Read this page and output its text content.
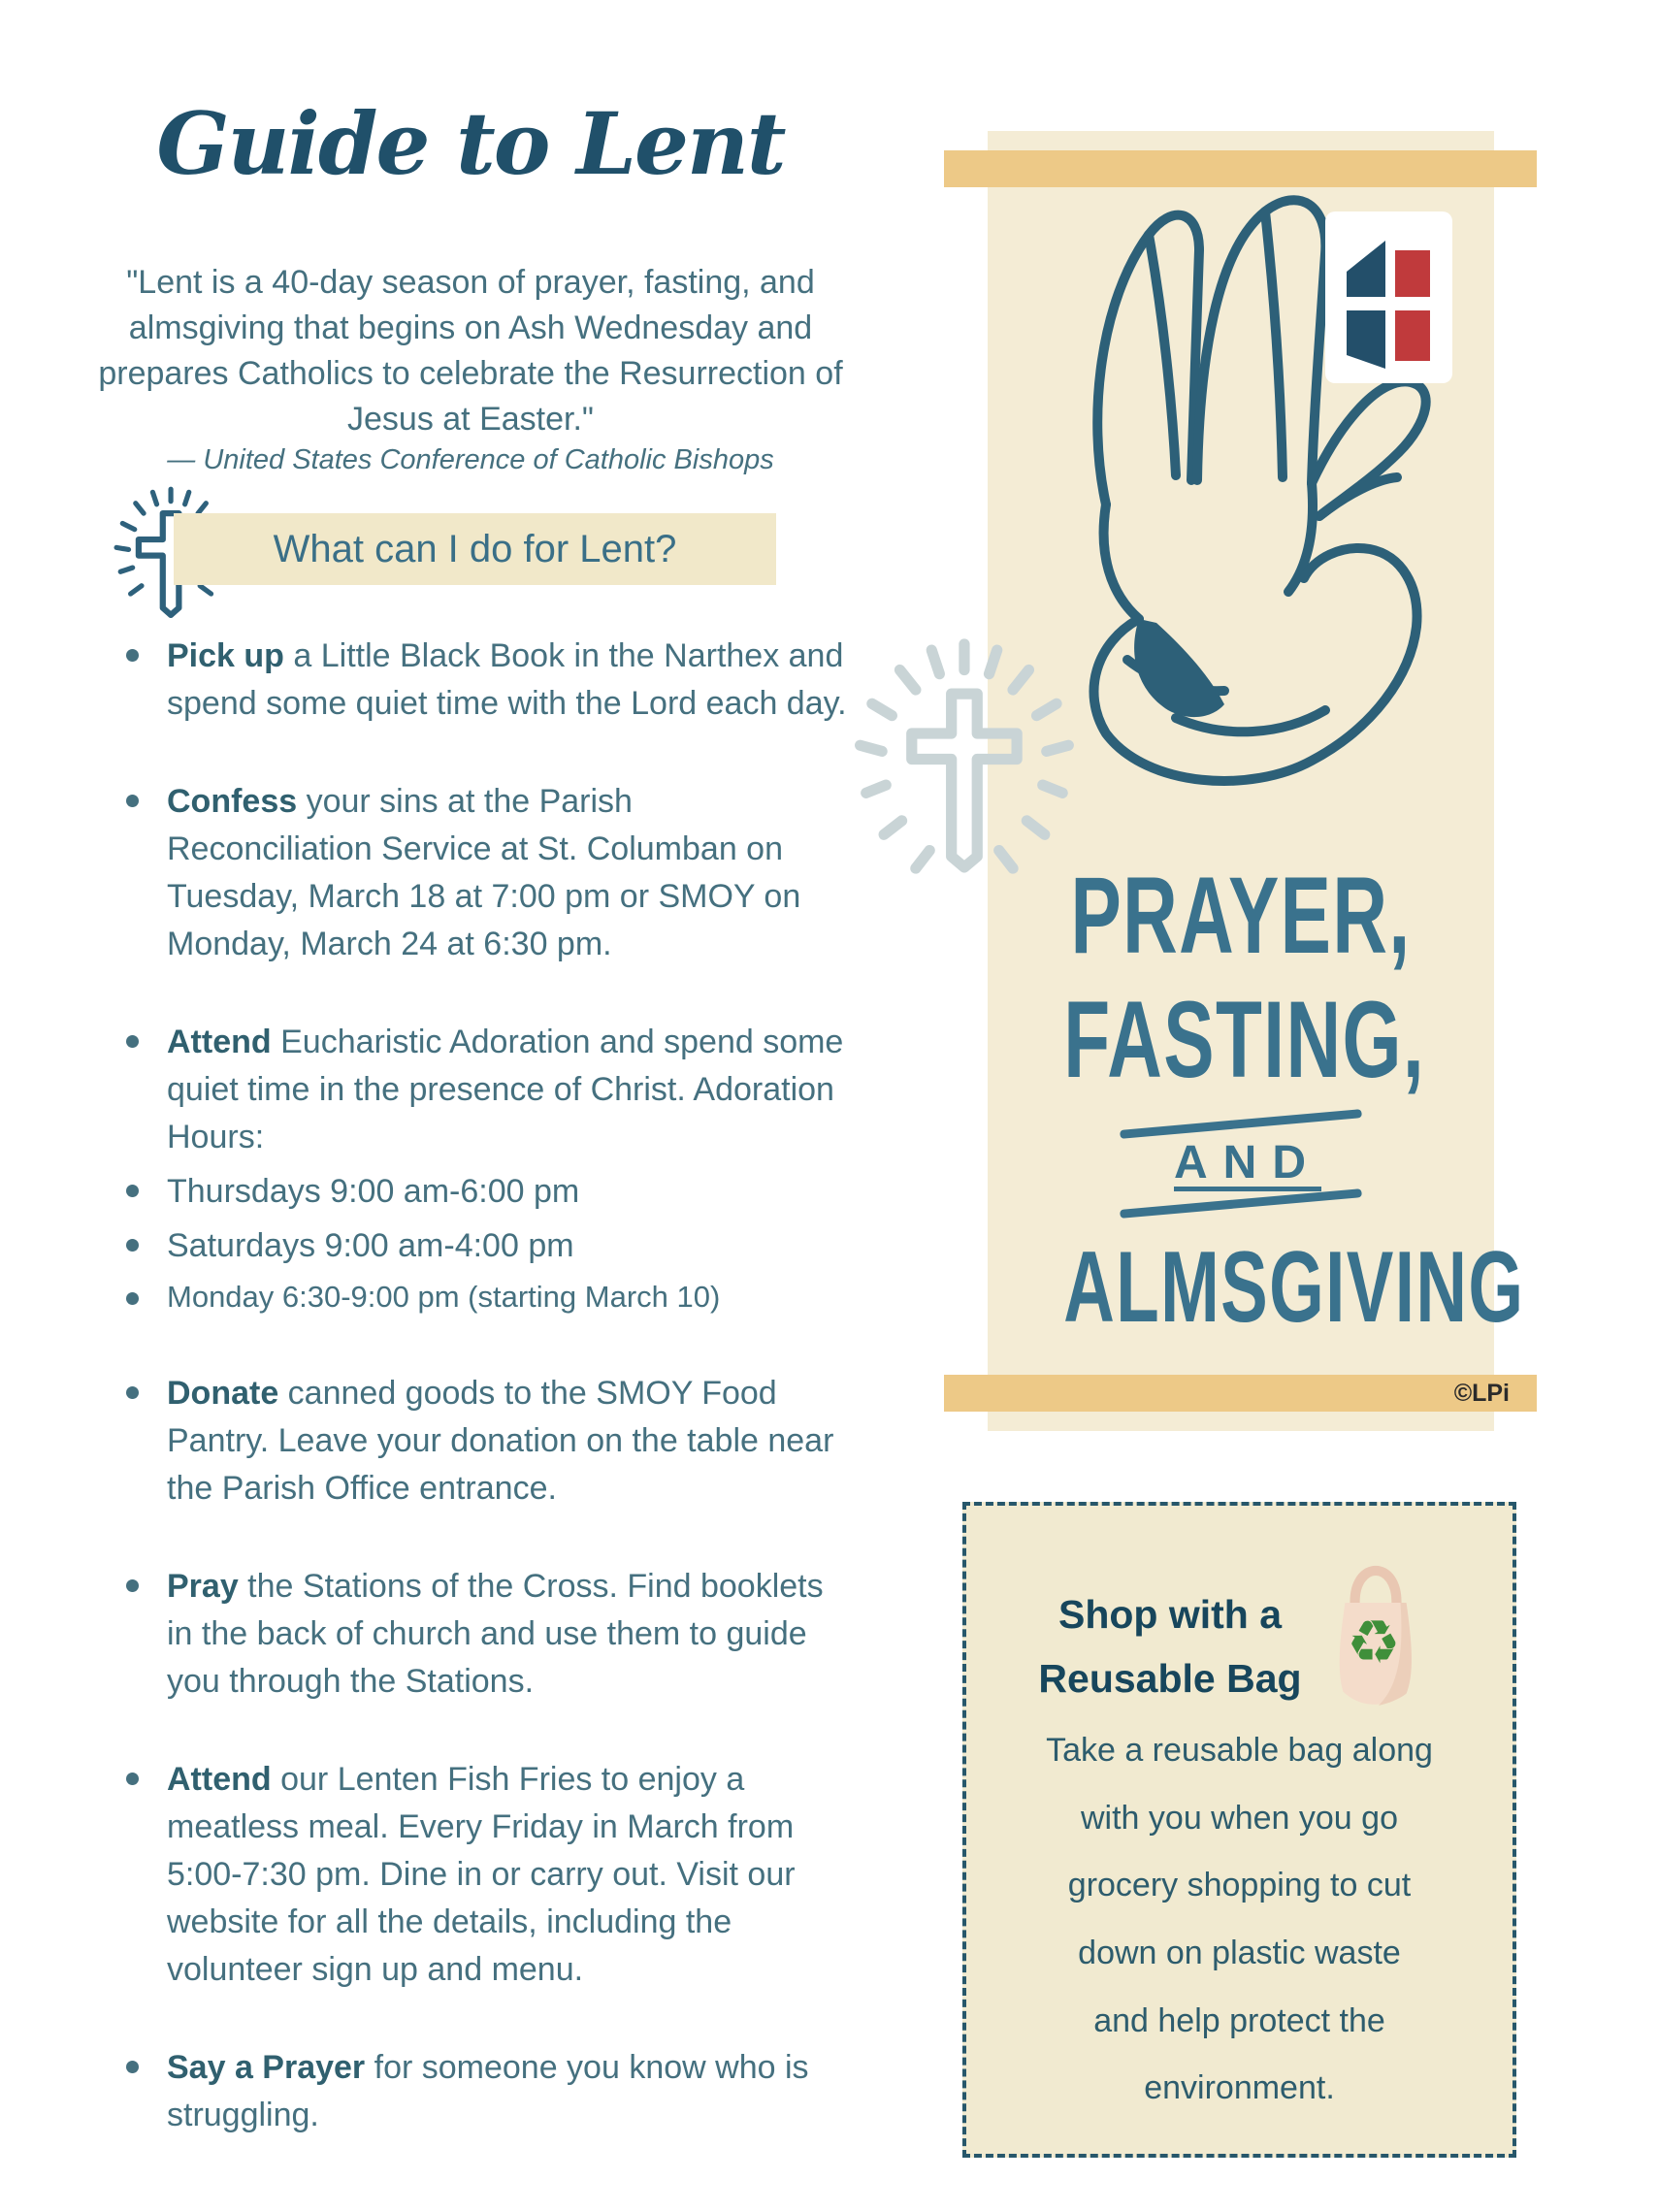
Guide to Lent
"Lent is a 40-day season of prayer, fasting, and
almsgiving that begins on Ash Wednesday and
prepares Catholics to celebrate the Resurrection of
Jesus at Easter."
— United States Conference of Catholic Bishops
What can I do for Lent?
Pick up a Little Black Book in the Narthex and spend some quiet time with the Lord each day.
Confess your sins at the Parish Reconciliation Service at St. Columban on Tuesday, March 18 at 7:00 pm or SMOY on Monday, March 24 at 6:30 pm.
Attend Eucharistic Adoration and spend some quiet time in the presence of Christ. Adoration Hours:
Thursdays 9:00 am-6:00 pm
Saturdays 9:00 am-4:00 pm
Monday 6:30-9:00 pm (starting March 10)
Donate canned goods to the SMOY Food Pantry. Leave your donation on the table near the Parish Office entrance.
Pray the Stations of the Cross. Find booklets in the back of church and use them to guide you through the Stations.
Attend our Lenten Fish Fries to enjoy a meatless meal. Every Friday in March from 5:00-7:30 pm. Dine in or carry out. Visit our website for all the details, including the volunteer sign up and menu.
Say a Prayer for someone you know who is struggling.
©LPi
PRAYER,
FASTING,
AND
ALMSGIVING
Shop with a
Reusable Bag
♻
Take a reusable bag along
with you when you go
grocery shopping to cut
down on plastic waste
and help protect the
environment.
